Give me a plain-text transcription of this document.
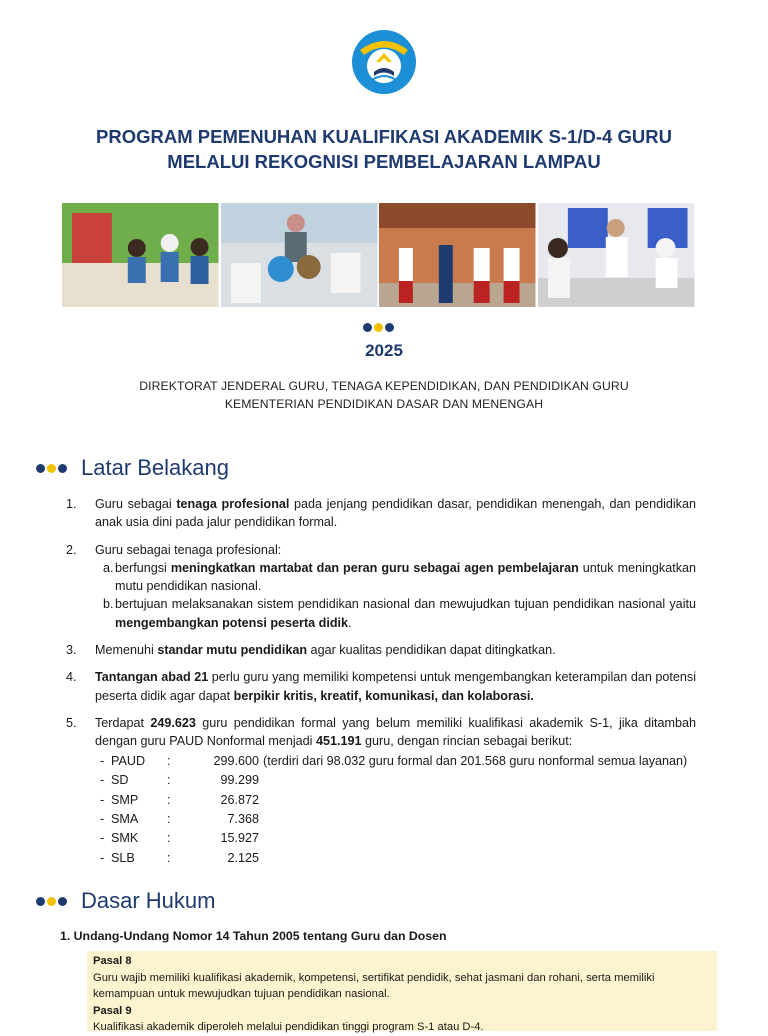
PROGRAM PEMENUHAN KUALIFIKASI AKADEMIK S-1/D-4 GURU
MELALUI REKOGNISI PEMBELAJARAN LAMPAU
2025
DIREKTORAT JENDERAL GURU, TENAGA KEPENDIDIKAN, DAN PENDIDIKAN GURU
KEMENTERIAN PENDIDIKAN DASAR DAN MENENGAH
Latar Belakang
1.	Guru sebagai tenaga profesional pada jenjang pendidikan dasar, pendidikan menengah, dan pendidikan anak usia dini pada jalur pendidikan formal.
2.	Guru sebagai tenaga profesional:
a. berfungsi meningkatkan martabat dan peran guru sebagai agen pembelajaran untuk meningkatkan mutu pendidikan nasional.
b. bertujuan melaksanakan sistem pendidikan nasional dan mewujudkan tujuan pendidikan nasional yaitu mengembangkan potensi peserta didik.
3.	Memenuhi standar mutu pendidikan agar kualitas pendidikan dapat ditingkatkan.
4.	Tantangan abad 21 perlu guru yang memiliki kompetensi untuk mengembangkan keterampilan dan potensi peserta didik agar dapat berpikir kritis, kreatif, komunikasi, dan kolaborasi.
5.	Terdapat 249.623 guru pendidikan formal yang belum memiliki kualifikasi akademik S-1, jika ditambah dengan guru PAUD Nonformal menjadi 451.191 guru, dengan rincian sebagai berikut:
- PAUD	:	299.600 (terdiri dari 98.032 guru formal dan 201.568 guru nonformal semua layanan)
- SD	:	99.299
- SMP	:	26.872
- SMA	:	7.368
- SMK	:	15.927
- SLB	:	2.125
Dasar Hukum
1. Undang-Undang Nomor 14 Tahun 2005 tentang Guru dan Dosen
Pasal 8
Guru wajib memiliki kualifikasi akademik, kompetensi, sertifikat pendidik, sehat jasmani dan rohani, serta memiliki kemampuan untuk mewujudkan tujuan pendidikan nasional.
Pasal 9
Kualifikasi akademik diperoleh melalui pendidikan tinggi program S-1 atau D-4.
